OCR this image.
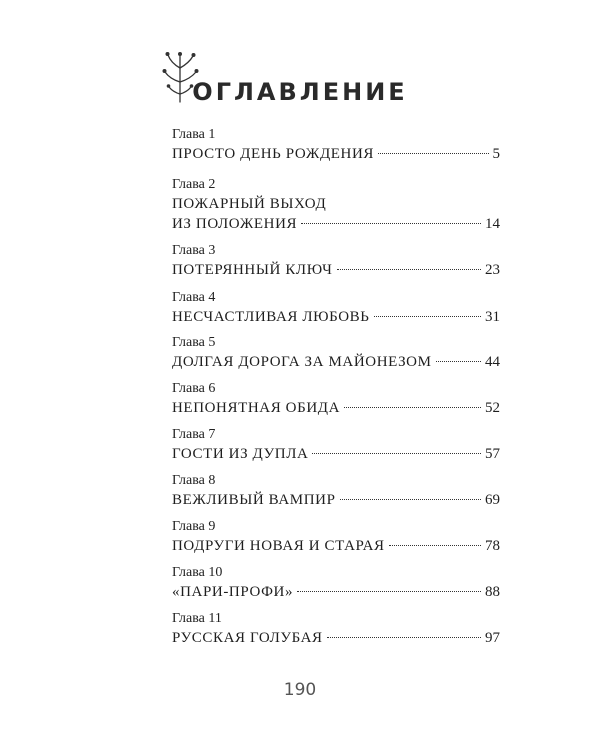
ОГЛАВЛЕНИЕ
Глава 1
ПРОСТО ДЕНЬ РОЖДЕНИЯ	5
Глава 2
ПОЖАРНЫЙ ВЫХОД
ИЗ ПОЛОЖЕНИЯ	14
Глава 3
ПОТЕРЯННЫЙ КЛЮЧ	23
Глава 4
НЕСЧАСТЛИВАЯ ЛЮБОВЬ	31
Глава 5
ДОЛГАЯ ДОРОГА ЗА МАЙОНЕЗОМ	44
Глава 6
НЕПОНЯТНАЯ ОБИДА	52
Глава 7
ГОСТИ ИЗ ДУПЛА	57
Глава 8
ВЕЖЛИВЫЙ ВАМПИР	69
Глава 9
ПОДРУГИ НОВАЯ И СТАРАЯ	78
Глава 10
«ПАРИ-ПРОФИ»	88
Глава 11
РУССКАЯ ГОЛУБАЯ	97
190
